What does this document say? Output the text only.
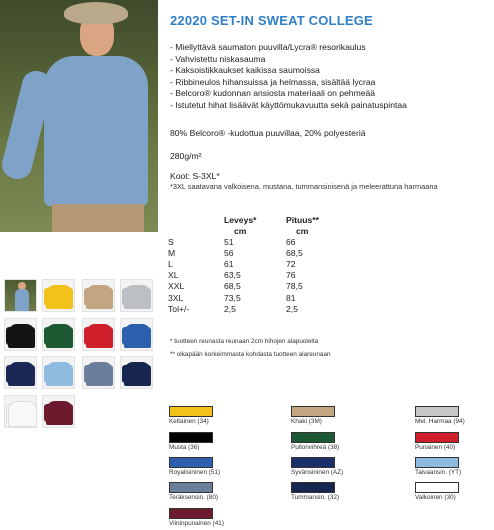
22020 SET-IN SWEAT COLLEGE
- Miellyttävä saumaton puuvilla/Lycra® resorikaulus
- Vahvistettu niskasauma
- Kaksoistikkaukset kaikissa saumoissa
- Ribbineulos hihansuissa ja helmassa, sisältää lycraa
- Belcoro® kudonnan ansiosta materiaali on pehmeää
- Istutetut hihat lisäävät käyttömukavuutta sekä painatuspintaa
80% Belcoro® -kudottua puuvillaa, 20% polyesteriä
280g/m²
Koot: S-3XL*
*3XL saatavana valkoisena, mustana, tummansinisenä ja meleerattuna harmaana
	Leveys*	Pituus**
	cm	cm
S	51	66
M	56	68,5
L	61	72
XL	63,5	76
XXL	68,5	78,5
3XL	73,5	81
Tol+/-	2,5	2,5
* tuotteen reunasta reunaan 2cm hihojen alapuolelta
** olkapään korkeimmasta kohdasta tuotteen alareunaan
Keltainen (34)	Khaki (3M)	Mel. Harmaa (94)
Musta (36)	Pullonvihreä (38)	Punainen (40)
Royalisininen (51)	Syvänsininen (AZ)	Taivaansin. (YT)
Teräksensin. (80)	Tummansin. (32)	Valkoinen (30)
Viininpunainen (41)
